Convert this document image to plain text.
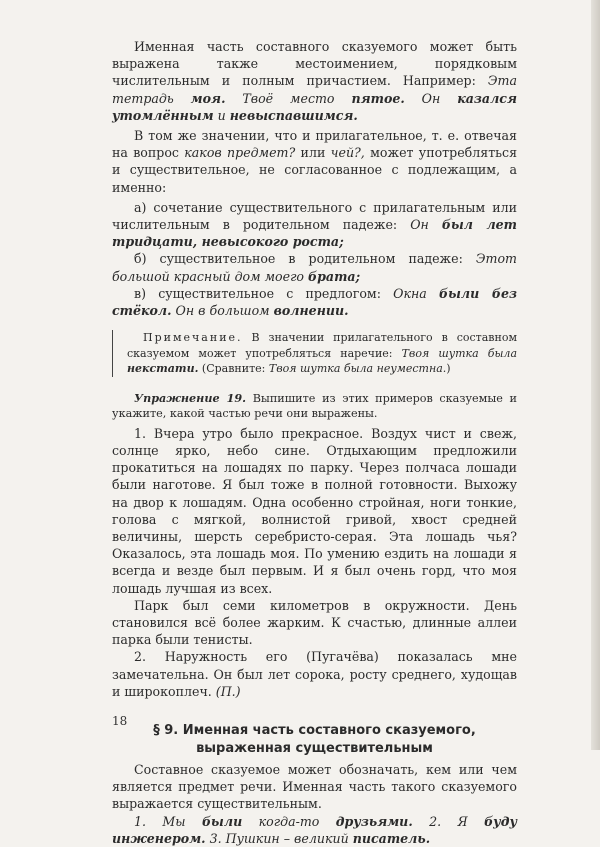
Именная часть составного сказуемого может быть выражена также местоимением, порядковым числительным и полным причастием. Например: Эта тетрадь моя. Твоё место пятое. Он казался утомлённым и невыспавшимся.

В том же значении, что и прилагательное, т. е. отвечая на вопрос каков предмет? или чей?, может употребляться и существительное, не согласованное с подлежащим, а именно:

а) сочетание существительного с прилагательным или числительным в родительном падеже: Он был лет тридцати, невысокого роста;

б) существительное в родительном падеже: Этот большой красный дом моего брата;

в) существительное с предлогом: Окна были без стёкол. Он в большом волнении.

Примечание. В значении прилагательного в составном сказуемом может употребляться наречие: Твоя шутка была некстати. (Сравните: Твоя шутка была неуместна.)

Упражнение 19. Выпишите из этих примеров сказуемые и укажите, какой частью речи они выражены.

1. Вчера утро было прекрасное. Воздух чист и свеж, солнце ярко, небо сине. Отдыхающим предложили прокатиться на лошадях по парку. Через полчаса лошади были наготове. Я был тоже в полной готовности. Выхожу на двор к лошадям. Одна особенно стройная, ноги тонкие, голова с мягкой, волнистой гривой, хвост средней величины, шерсть серебристо-серая. Эта лошадь чья? Оказалось, эта лошадь моя. По умению ездить на лошади я всегда и везде был первым. И я был очень горд, что моя лошадь лучшая из всех.

Парк был семи километров в окружности. День становился всё более жарким. К счастью, длинные аллеи парка были тенисты.

2. Наружность его (Пугачёва) показалась мне замечательна. Он был лет сорока, росту среднего, худощав и широкоплеч. (П.)

§ 9. Именная часть составного сказуемого,
выраженная существительным

Составное сказуемое может обозначать, кем или чем является предмет речи. Именная часть такого сказуемого выражается существительным.

1. Мы были когда-то друзьями. 2. Я буду инженером. 3. Пушкин – великий писатель.

18
